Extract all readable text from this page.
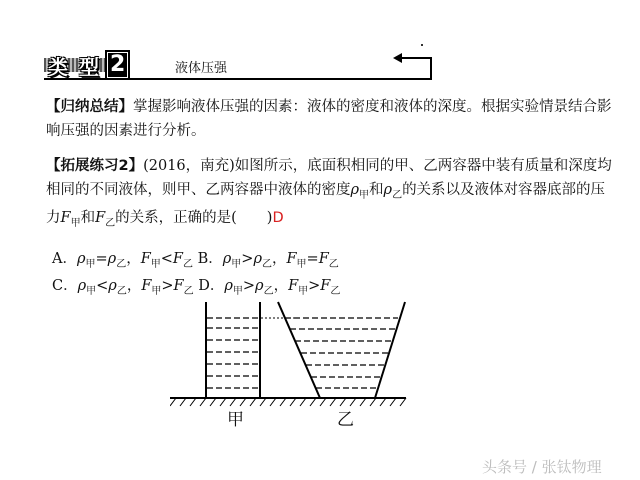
类 型 2	液体压强
【归纳总结】掌握影响液体压强的因素：液体的密度和液体的深度。根据实验情景结合影响压强的因素进行分析。
【拓展练习2】(2016，南充)如图所示，底面积相同的甲、乙两容器中装有质量和深度均相同的不同液体，则甲、乙两容器中液体的密度$\rho_甲$和$\rho_乙$的关系以及液体对容器底部的压力$F_甲$和$F_乙$的关系，正确的是( )D
A．$\rho_甲=\rho_乙$，$F_甲<F_乙$ B．$\rho_甲>\rho_乙$，$F_甲=F_乙$
C．$\rho_甲<\rho_乙$，$F_甲>F_乙$ D．$\rho_甲>\rho_乙$，$F_甲>F_乙$
甲	乙
头条号 / 张钛物理
